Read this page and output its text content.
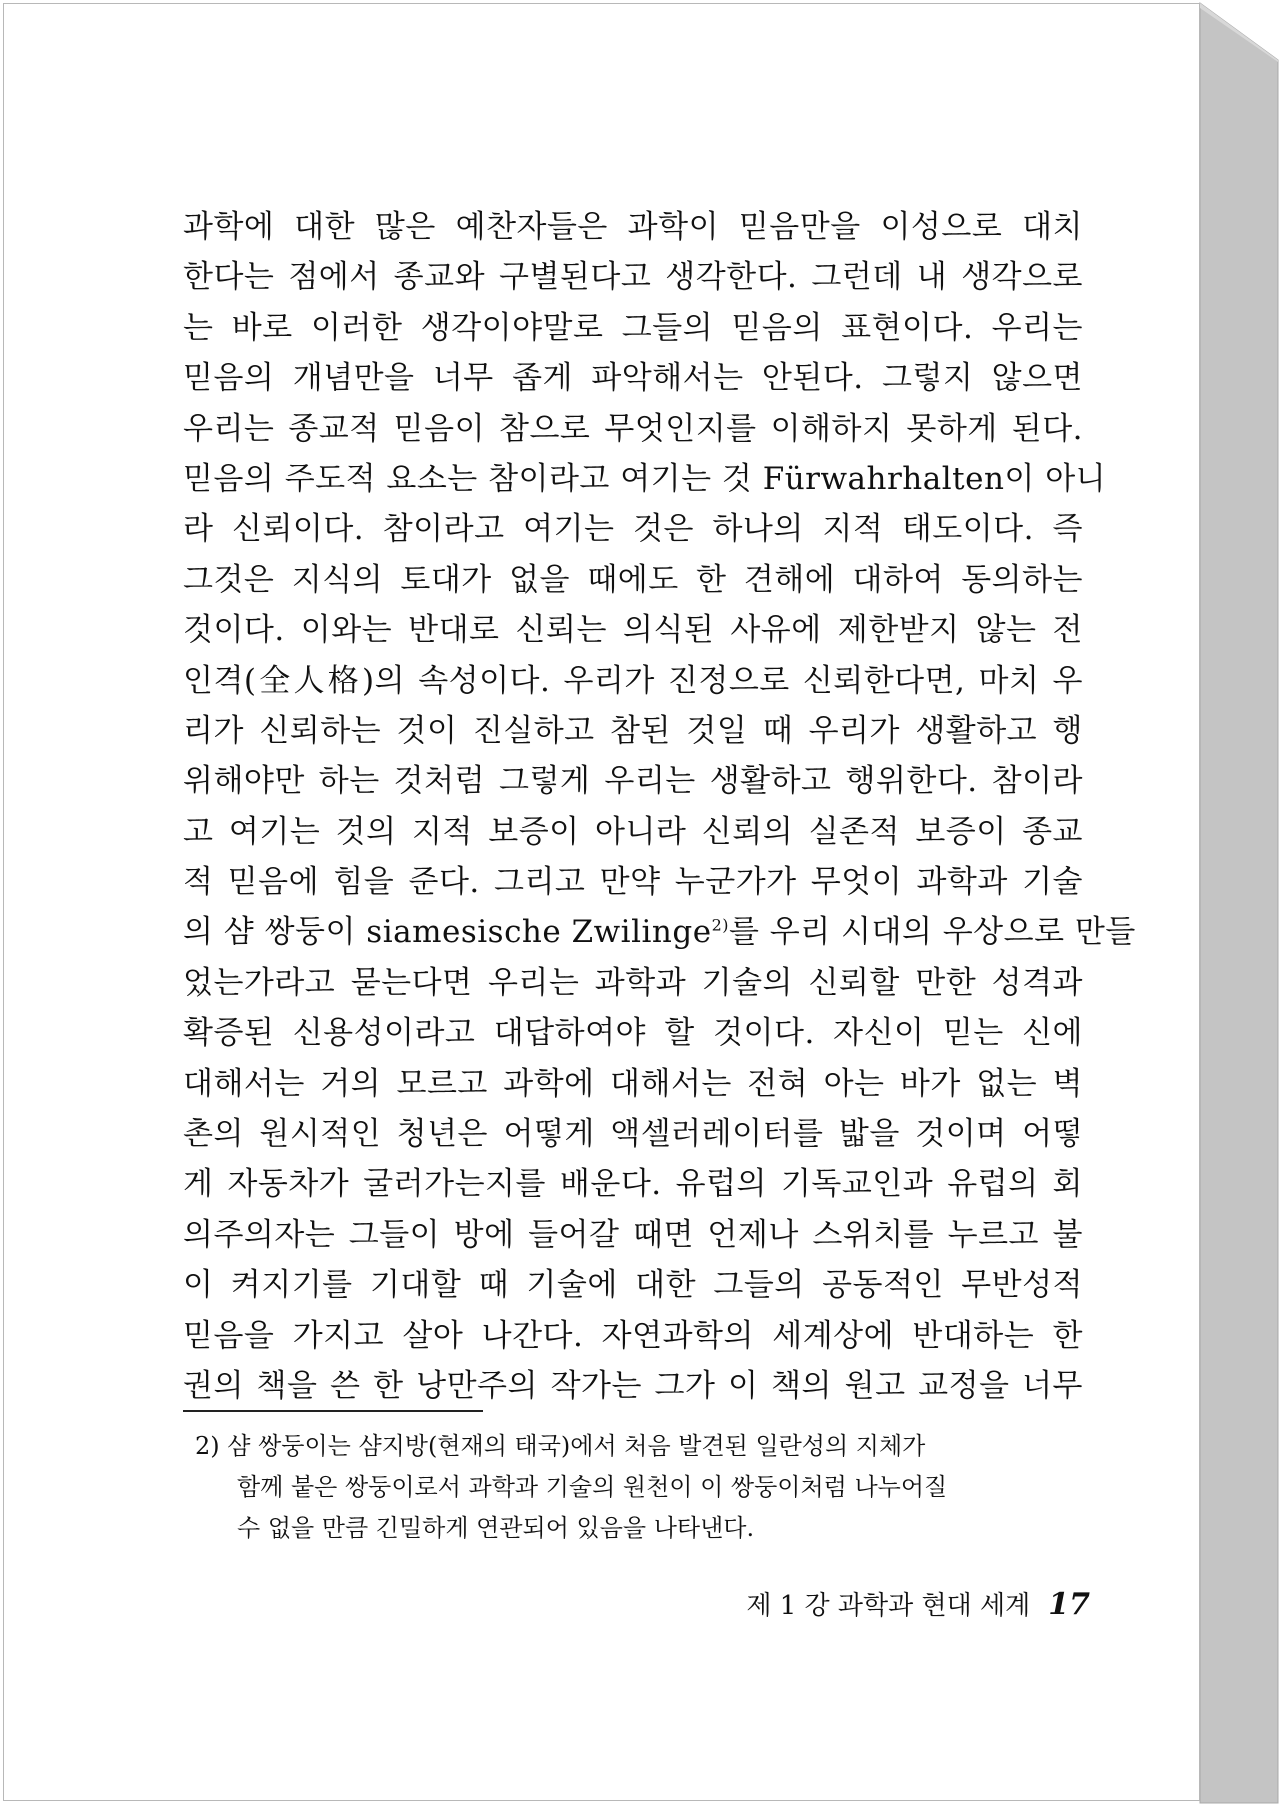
과학에 대한 많은 예찬자들은 과학이 믿음만을 이성으로 대치
한다는 점에서 종교와 구별된다고 생각한다. 그런데 내 생각으로
는 바로 이러한 생각이야말로 그들의 믿음의 표현이다. 우리는
믿음의 개념만을 너무 좁게 파악해서는 안된다. 그렇지 않으면
우리는 종교적 믿음이 참으로 무엇인지를 이해하지 못하게 된다.
믿음의 주도적 요소는 참이라고 여기는 것 Fürwahrhalten이 아니
라 신뢰이다. 참이라고 여기는 것은 하나의 지적 태도이다. 즉
그것은 지식의 토대가 없을 때에도 한 견해에 대하여 동의하는
것이다. 이와는 반대로 신뢰는 의식된 사유에 제한받지 않는 전
인격(全人格)의 속성이다. 우리가 진정으로 신뢰한다면, 마치 우
리가 신뢰하는 것이 진실하고 참된 것일 때 우리가 생활하고 행
위해야만 하는 것처럼 그렇게 우리는 생활하고 행위한다. 참이라
고 여기는 것의 지적 보증이 아니라 신뢰의 실존적 보증이 종교
적 믿음에 힘을 준다. 그리고 만약 누군가가 무엇이 과학과 기술
의 샴 쌍둥이 siamesische Zwilinge$^{2)}$를 우리 시대의 우상으로 만들
었는가라고 묻는다면 우리는 과학과 기술의 신뢰할 만한 성격과
확증된 신용성이라고 대답하여야 할 것이다. 자신이 믿는 신에
대해서는 거의 모르고 과학에 대해서는 전혀 아는 바가 없는 벽
촌의 원시적인 청년은 어떻게 액셀러레이터를 밟을 것이며 어떻
게 자동차가 굴러가는지를 배운다. 유럽의 기독교인과 유럽의 회
의주의자는 그들이 방에 들어갈 때면 언제나 스위치를 누르고 불
이 켜지기를 기대할 때 기술에 대한 그들의 공동적인 무반성적
믿음을 가지고 살아 나간다. 자연과학의 세계상에 반대하는 한
권의 책을 쓴 한 낭만주의 작가는 그가 이 책의 원고 교정을 너무
2) 샴 쌍둥이는 샴지방(현재의 태국)에서 처음 발견된 일란성의 지체가
함께 붙은 쌍둥이로서 과학과 기술의 원천이 이 쌍둥이처럼 나누어질
수 없을 만큼 긴밀하게 연관되어 있음을 나타낸다.
제 1 강 과학과 현대 세계 17
